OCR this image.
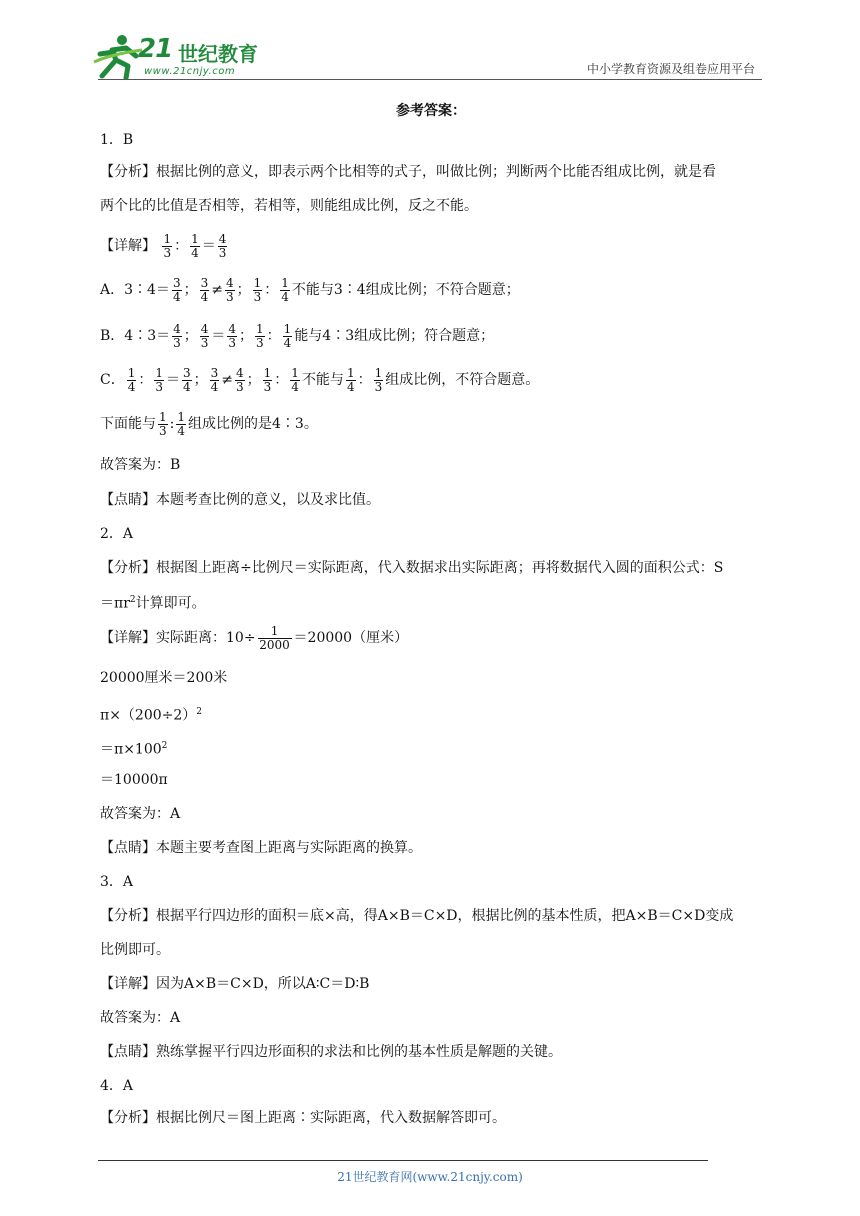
21 世纪教育
www.21cnjy.com	中小学教育资源及组卷应用平台
参考答案：
1．B
【分析】根据比例的意义，即表示两个比相等的式子，叫做比例；判断两个比能否组成比例，就是看
两个比的比值是否相等，若相等，则能组成比例，反之不能。
【详解】 $\frac{1}{3}$ ： $\frac{1}{4} = \frac{4}{3}$
A．3∶4＝ $\frac{3}{4}$ ； $\frac{3}{4} \ne \frac{4}{3}$ ； $\frac{1}{3}$ ： $\frac{1}{4}$ 不能与3∶4组成比例；不符合题意；
B．4∶3＝ $\frac{4}{3}$ ； $\frac{4}{3} = \frac{4}{3}$ ； $\frac{1}{3}$ ： $\frac{1}{4}$ 能与4∶3组成比例；符合题意；
C． $\frac{1}{4}$ ： $\frac{1}{3} = \frac{3}{4}$ ； $\frac{3}{4} \ne \frac{4}{3}$ ； $\frac{1}{3}$ ： $\frac{1}{4}$ 不能与 $\frac{1}{4}$ ： $\frac{1}{3}$ 组成比例，不符合题意。
下面能与 $\frac{1}{3}$ : $\frac{1}{4}$ 组成比例的是4∶3。
故答案为：B
【点睛】本题考查比例的意义，以及求比值。
2．A
【分析】根据图上距离÷比例尺＝实际距离，代入数据求出实际距离；再将数据代入圆的面积公式：S
$=\pi r^2$计算即可。
【详解】实际距离：$10\div \frac{1}{2000} =20000$（厘米）
20000厘米＝200米
$\pi\times(200\div 2)^2$
$=\pi\times 100^2$
＝10000π
故答案为：A
【点睛】本题主要考查图上距离与实际距离的换算。
3．A
【分析】根据平行四边形的面积＝底×高，得A×B＝C×D，根据比例的基本性质，把A×B＝C×D变成
比例即可。
【详解】因为A×B＝C×D，所以A∶C＝D∶B
故答案为：A
【点睛】熟练掌握平行四边形面积的求法和比例的基本性质是解题的关键。
4．A
【分析】根据比例尺＝图上距离∶实际距离，代入数据解答即可。
21世纪教育网(www.21cnjy.com)
